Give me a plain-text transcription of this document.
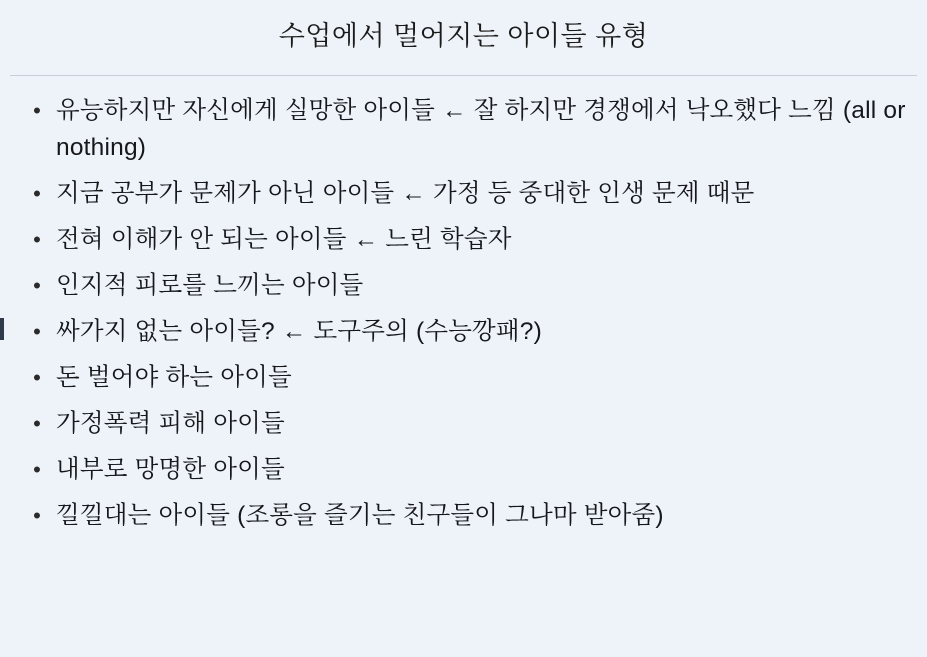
수업에서 멀어지는 아이들 유형
• 유능하지만 자신에게 실망한 아이들 ← 잘 하지만 경쟁에서 낙오했다 느낌 (all or nothing)
• 지금 공부가 문제가 아닌 아이들 ← 가정 등 중대한 인생 문제 때문
• 전혀 이해가 안 되는 아이들 ← 느린 학습자
• 인지적 피로를 느끼는 아이들
• 싸가지 없는 아이들? ← 도구주의 (수능깡패?)
• 돈 벌어야 하는 아이들
• 가정폭력 피해 아이들
• 내부로 망명한 아이들
• 낄낄대는 아이들 (조롱을 즐기는 친구들이 그나마 받아줌)
